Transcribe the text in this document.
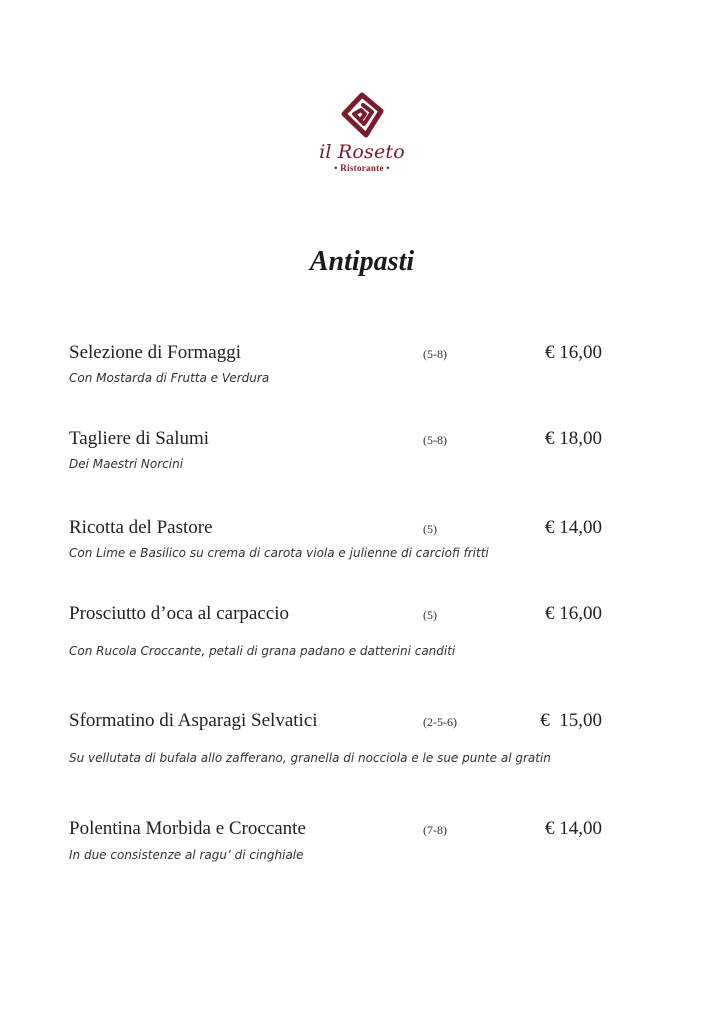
il Roseto
• Ristorante •
Antipasti
Selezione di Formaggi	(5-8)	€ 16,00
Con Mostarda di Frutta e Verdura
Tagliere di Salumi	(5-8)	€ 18,00
Dei Maestri Norcini
Ricotta del Pastore	(5)	€ 14,00
Con Lime e Basilico su crema di carota viola e julienne di carciofi fritti
Prosciutto d’oca al carpaccio	(5)	€ 16,00
Con Rucola Croccante, petali di grana padano e datterini canditi
Sformatino di Asparagi Selvatici	(2-5-6)	€  15,00
Su vellutata di bufala allo zafferano, granella di nocciola e le sue punte al gratin
Polentina Morbida e Croccante	(7-8)	€ 14,00
In due consistenze al ragu’ di cinghiale
